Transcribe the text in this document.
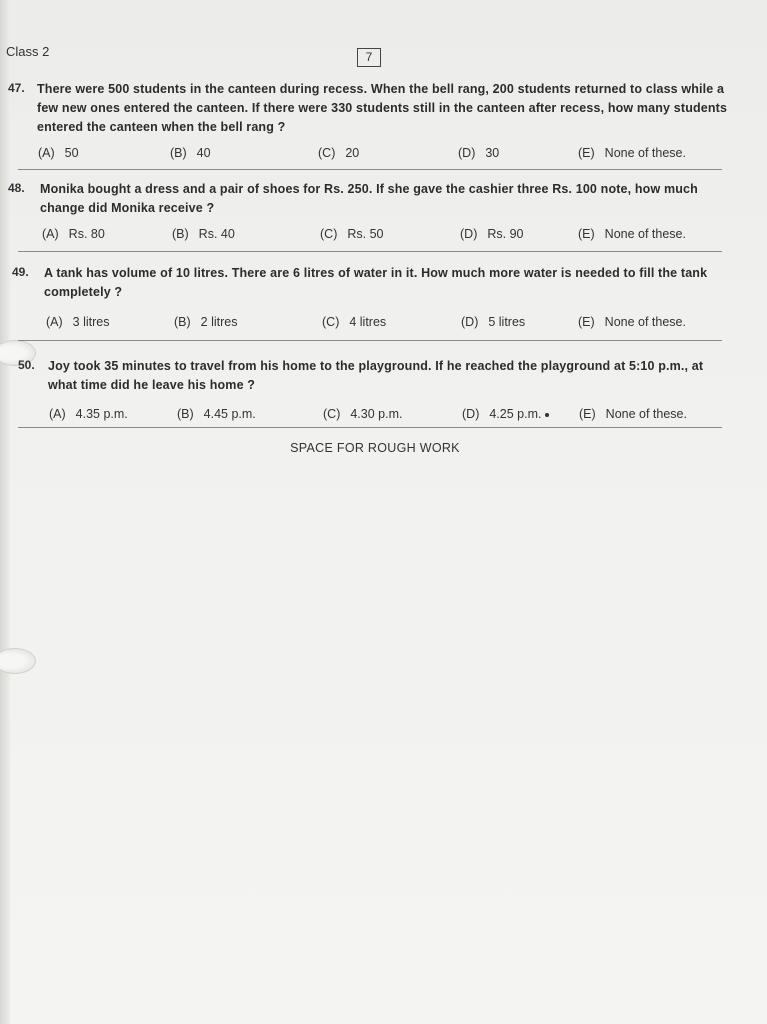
Class 2	7
47. There were 500 students in the canteen during recess. When the bell rang, 200 students returned to class while a few new ones entered the canteen. If there were 330 students still in the canteen after recess, how many students entered the canteen when the bell rang ?
(A) 50	(B) 40	(C) 20	(D) 30	(E) None of these.
48. Monika bought a dress and a pair of shoes for Rs. 250. If she gave the cashier three Rs. 100 note, how much change did Monika receive ?
(A) Rs. 80	(B) Rs. 40	(C) Rs. 50	(D) Rs. 90	(E) None of these.
49. A tank has volume of 10 litres. There are 6 litres of water in it. How much more water is needed to fill the tank completely ?
(A) 3 litres	(B) 2 litres	(C) 4 litres	(D) 5 litres	(E) None of these.
50. Joy took 35 minutes to travel from his home to the playground. If he reached the playground at 5:10 p.m., at what time did he leave his home ?
(A) 4.35 p.m.	(B) 4.45 p.m.	(C) 4.30 p.m.	(D) 4.25 p.m.	(E) None of these.
SPACE FOR ROUGH WORK
